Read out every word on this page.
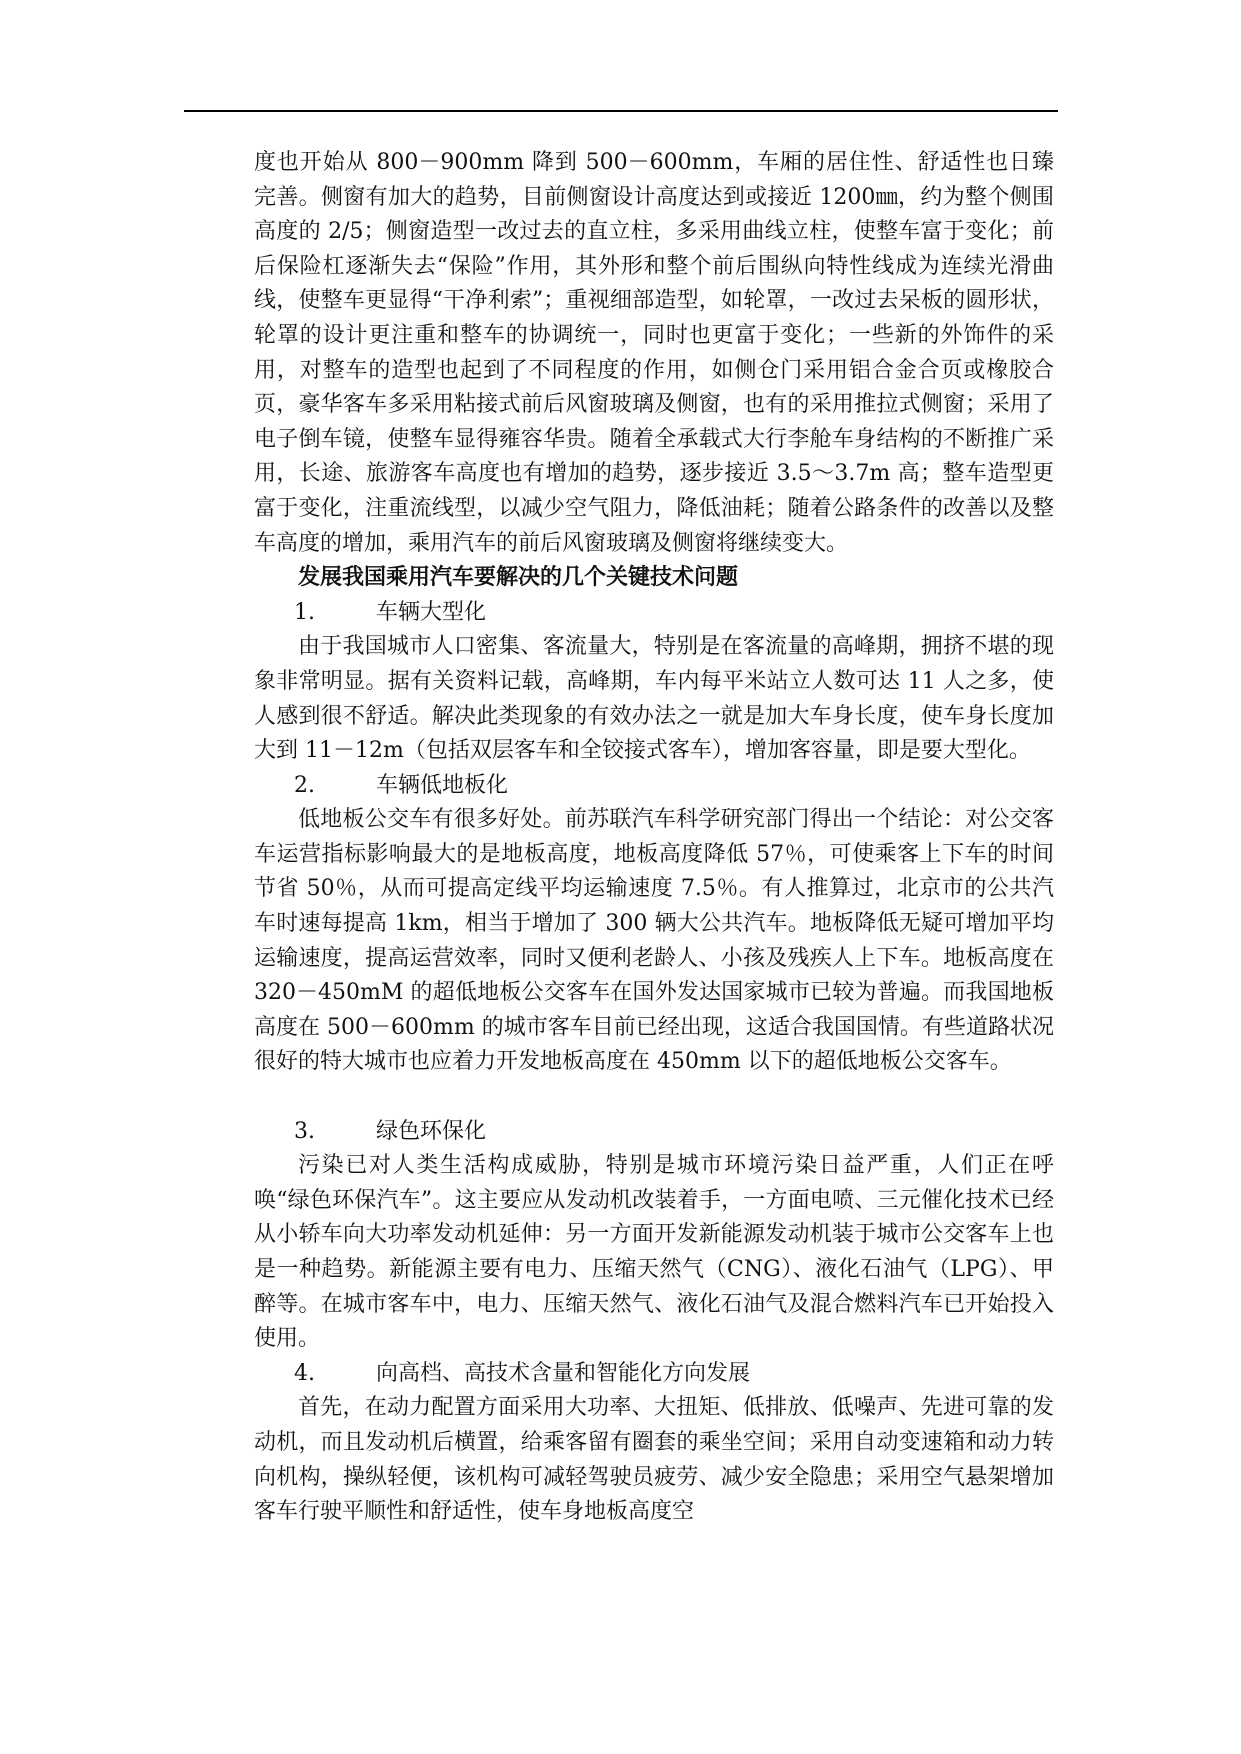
度也开始从 800－900mm 降到 500－600mm，车厢的居住性、舒适性也日臻完善。侧窗有加大的趋势，目前侧窗设计高度达到或接近 1200㎜，约为整个侧围高度的 2/5；侧窗造型一改过去的直立柱，多采用曲线立柱，使整车富于变化；前后保险杠逐渐失去“保险”作用，其外形和整个前后围纵向特性线成为连续光滑曲线，使整车更显得“干净利索”；重视细部造型，如轮罩，一改过去呆板的圆形状，轮罩的设计更注重和整车的协调统一，同时也更富于变化；一些新的外饰件的采用，对整车的造型也起到了不同程度的作用，如侧仓门采用铝合金合页或橡胶合页，豪华客车多采用粘接式前后风窗玻璃及侧窗，也有的采用推拉式侧窗；采用了电子倒车镜，使整车显得雍容华贵。随着全承载式大行李舱车身结构的不断推广采用，长途、旅游客车高度也有增加的趋势，逐步接近 3.5～3.7m 高；整车造型更富于变化，注重流线型，以减少空气阻力，降低油耗；随着公路条件的改善以及整车高度的增加，乘用汽车的前后风窗玻璃及侧窗将继续变大。

发展我国乘用汽车要解决的几个关键技术问题

1.	车辆大型化

由于我国城市人口密集、客流量大，特别是在客流量的高峰期，拥挤不堪的现象非常明显。据有关资料记载，高峰期，车内每平米站立人数可达 11 人之多，使人感到很不舒适。解决此类现象的有效办法之一就是加大车身长度，使车身长度加大到 11－12m（包括双层客车和全铰接式客车），增加客容量，即是要大型化。

2.	车辆低地板化

低地板公交车有很多好处。前苏联汽车科学研究部门得出一个结论：对公交客车运营指标影响最大的是地板高度，地板高度降低 57％，可使乘客上下车的时间节省 50％，从而可提高定线平均运输速度 7.5％。有人推算过，北京市的公共汽车时速每提高 1km，相当于增加了 300 辆大公共汽车。地板降低无疑可增加平均运输速度，提高运营效率，同时又便利老龄人、小孩及残疾人上下车。地板高度在 320－450mM 的超低地板公交客车在国外发达国家城市已较为普遍。而我国地板高度在 500－600mm 的城市客车目前已经出现，这适合我国国情。有些道路状况很好的特大城市也应着力开发地板高度在 450mm 以下的超低地板公交客车。

3.	绿色环保化

污染已对人类生活构成威胁，特别是城市环境污染日益严重，人们正在呼唤“绿色环保汽车”。这主要应从发动机改装着手，一方面电喷、三元催化技术已经从小轿车向大功率发动机延伸：另一方面开发新能源发动机装于城市公交客车上也是一种趋势。新能源主要有电力、压缩天然气（CNG）、液化石油气（LPG）、甲醉等。在城市客车中，电力、压缩天然气、液化石油气及混合燃料汽车已开始投入使用。

4.	向高档、高技术含量和智能化方向发展

首先，在动力配置方面采用大功率、大扭矩、低排放、低噪声、先进可靠的发动机，而且发动机后横置，给乘客留有圈套的乘坐空间；采用自动变速箱和动力转向机构，操纵轻便，该机构可减轻驾驶员疲劳、减少安全隐患；采用空气悬架增加客车行驶平顺性和舒适性，使车身地板高度空
